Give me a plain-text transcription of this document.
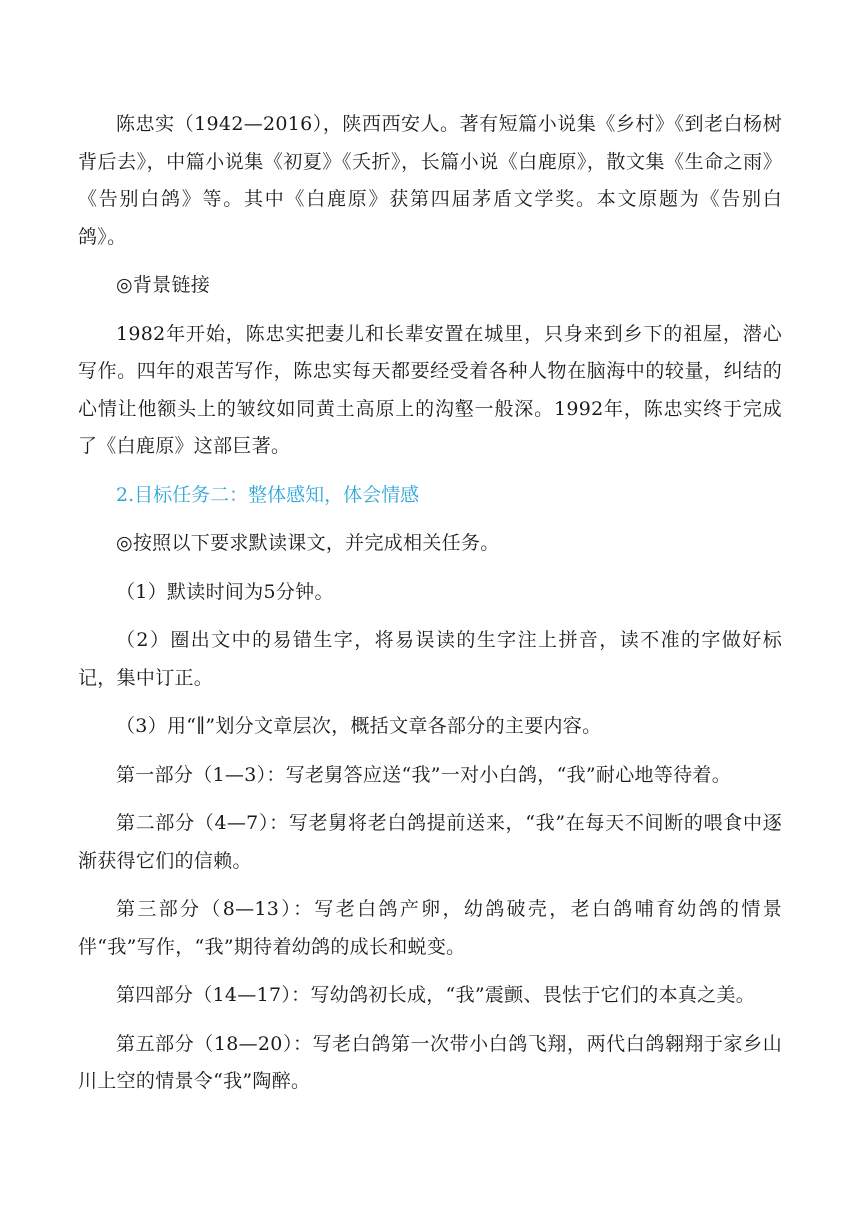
陈忠实（1942—2016），陕西西安人。著有短篇小说集《乡村》《到老白杨树背后去》，中篇小说集《初夏》《夭折》，长篇小说《白鹿原》，散文集《生命之雨》《告别白鸽》等。其中《白鹿原》获第四届茅盾文学奖。本文原题为《告别白鸽》。

◎背景链接

1982年开始，陈忠实把妻儿和长辈安置在城里，只身来到乡下的祖屋，潜心写作。四年的艰苦写作，陈忠实每天都要经受着各种人物在脑海中的较量，纠结的心情让他额头上的皱纹如同黄土高原上的沟壑一般深。1992年，陈忠实终于完成了《白鹿原》这部巨著。

2.目标任务二：整体感知，体会情感

◎按照以下要求默读课文，并完成相关任务。

（1）默读时间为5分钟。

（2）圈出文中的易错生字，将易误读的生字注上拼音，读不准的字做好标记，集中订正。

（3）用“∥”划分文章层次，概括文章各部分的主要内容。

第一部分（1—3）：写老舅答应送“我”一对小白鸽，“我”耐心地等待着。

第二部分（4—7）：写老舅将老白鸽提前送来，“我”在每天不间断的喂食中逐渐获得它们的信赖。

第三部分（8—13）：写老白鸽产卵，幼鸽破壳，老白鸽哺育幼鸽的情景伴“我”写作，“我”期待着幼鸽的成长和蜕变。

第四部分（14—17）：写幼鸽初长成，“我”震颤、畏怯于它们的本真之美。

第五部分（18—20）：写老白鸽第一次带小白鸽飞翔，两代白鸽翱翔于家乡山川上空的情景令“我”陶醉。
